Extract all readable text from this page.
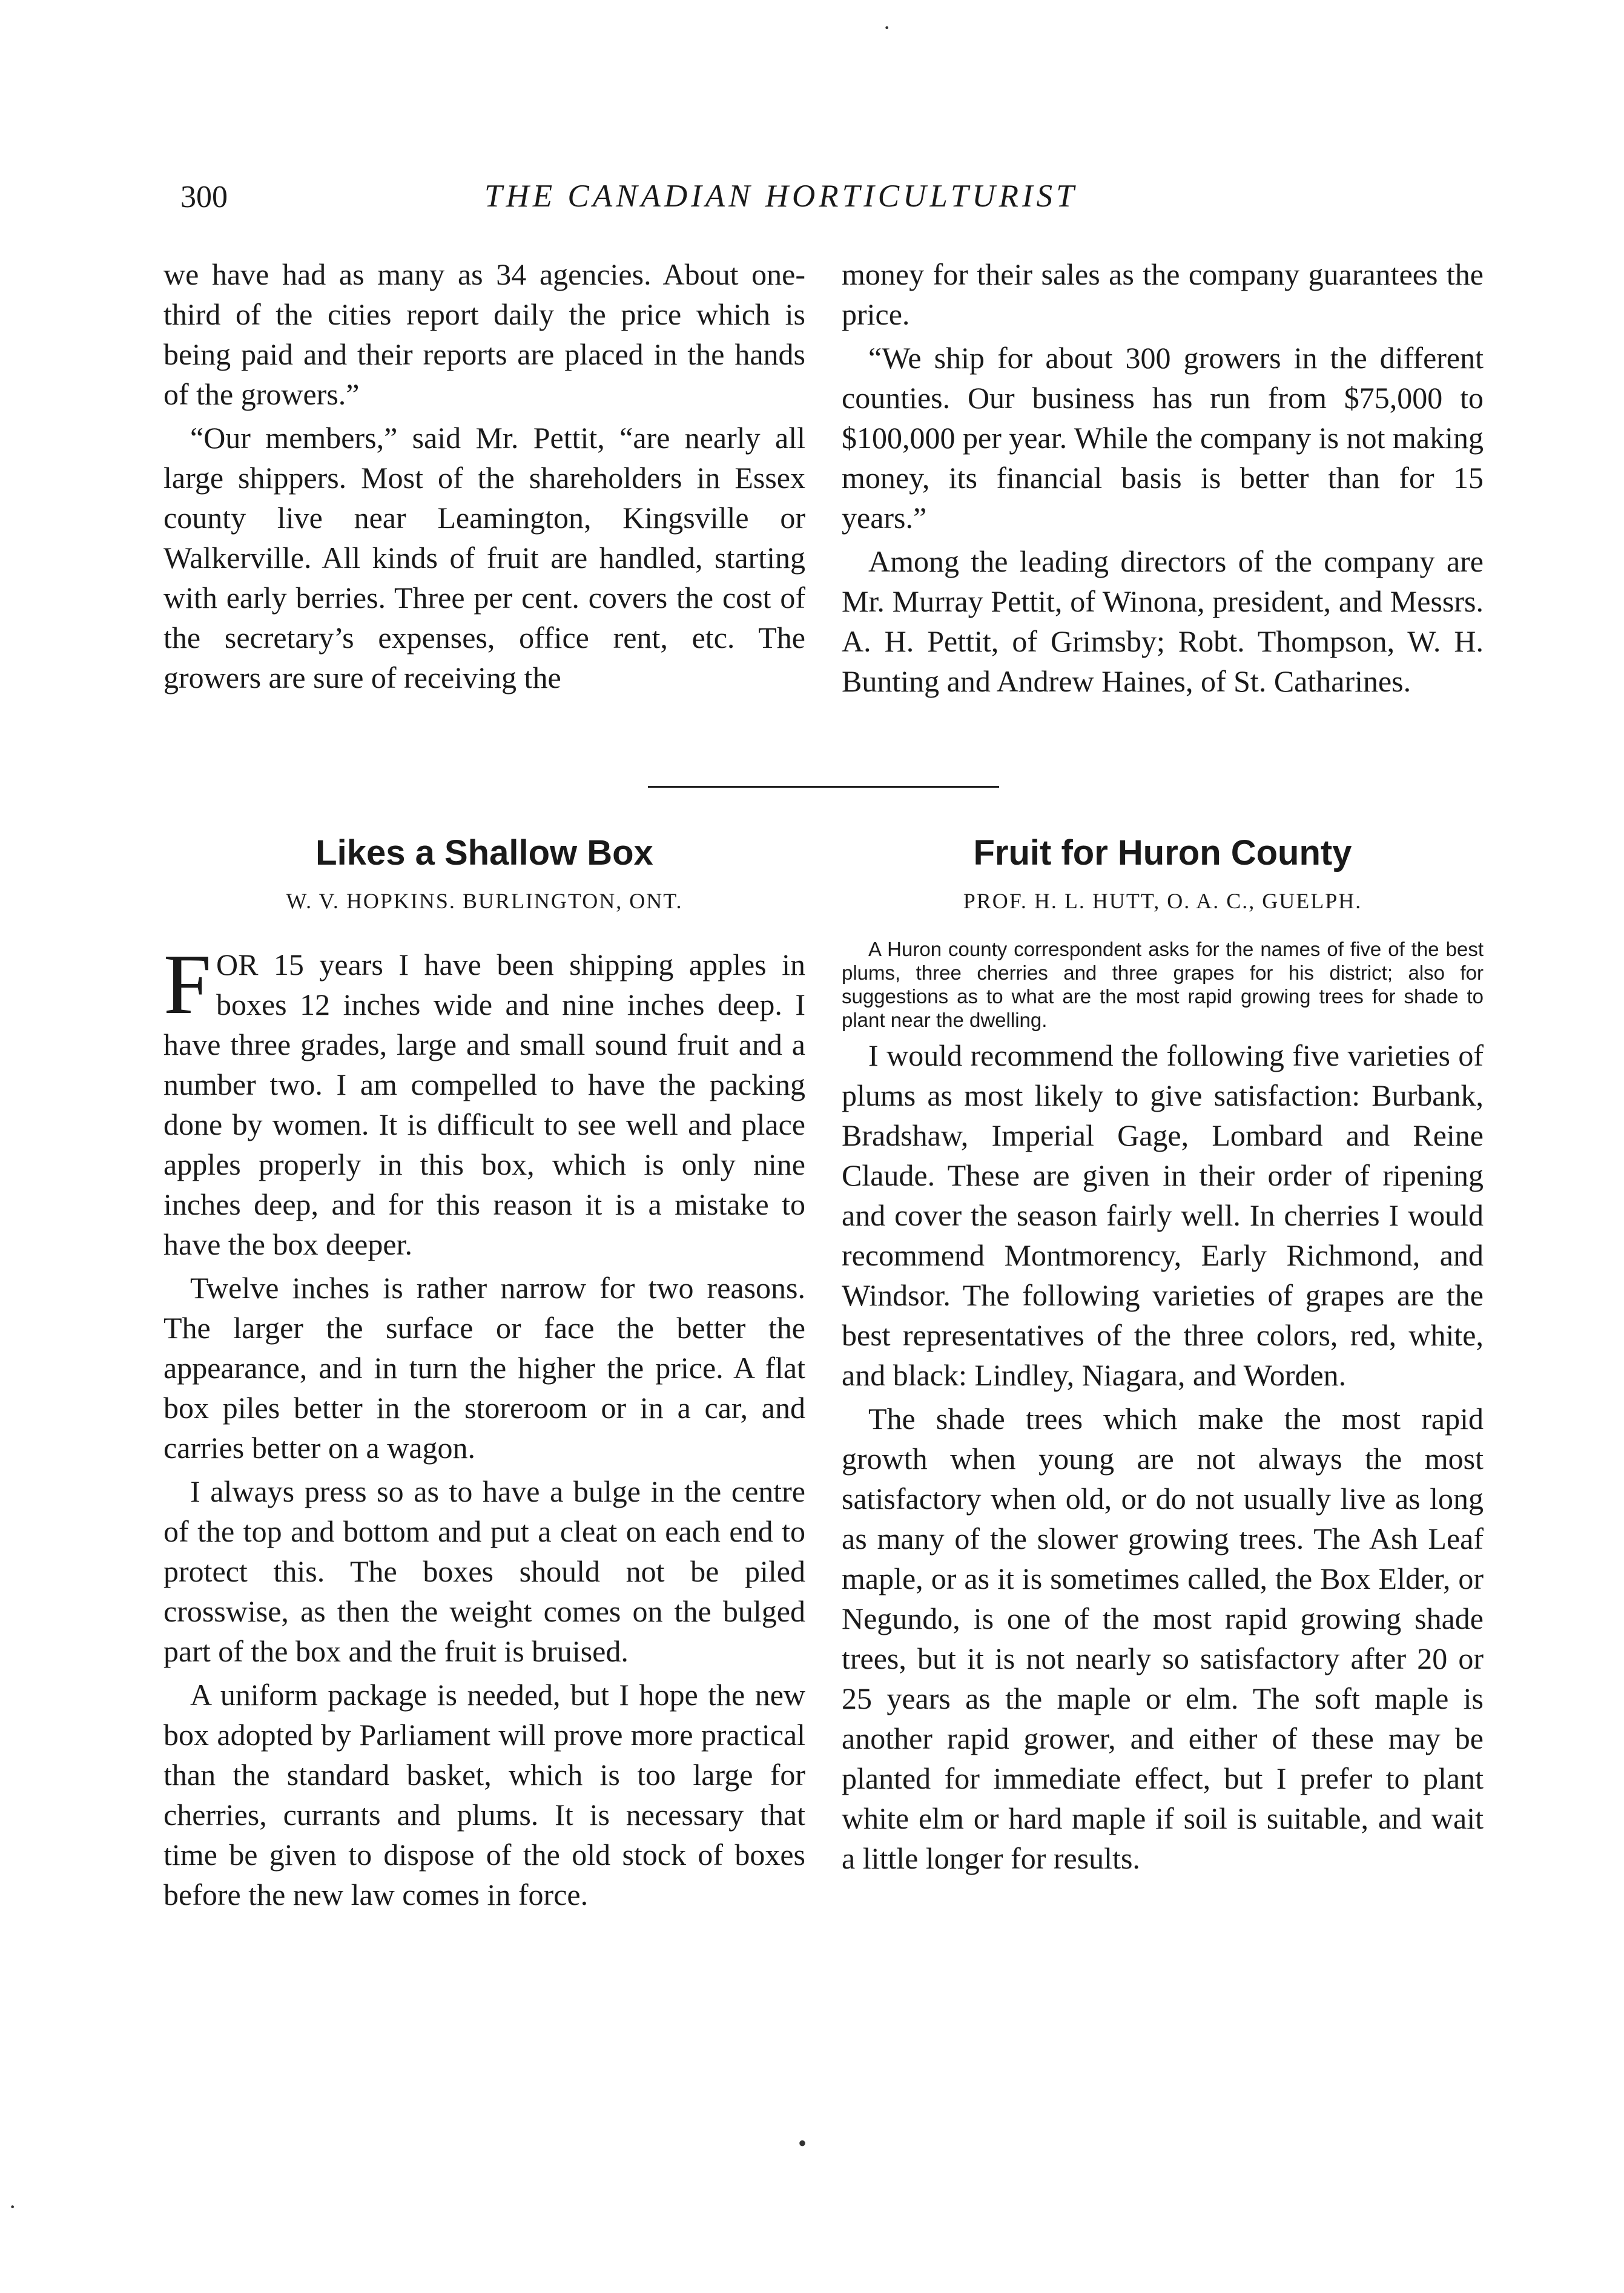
300	THE CANADIAN HORTICULTURIST

we have had as many as 34 agencies. About one-third of the cities report daily the price which is being paid and their reports are placed in the hands of the growers.”

“Our members,” said Mr. Pettit, “are nearly all large shippers. Most of the shareholders in Essex county live near Leamington, Kingsville or Walkerville. All kinds of fruit are handled, starting with early berries. Three per cent. covers the cost of the secretary’s expenses, office rent, etc. The growers are sure of receiving the

money for their sales as the company guarantees the price.

“We ship for about 300 growers in the different counties. Our business has run from $75,000 to $100,000 per year. While the company is not making money, its financial basis is better than for 15 years.”

Among the leading directors of the company are Mr. Murray Pettit, of Winona, president, and Messrs. A. H. Pettit, of Grimsby; Robt. Thompson, W. H. Bunting and Andrew Haines, of St. Catharines.

Likes a Shallow Box
W. V. HOPKINS. BURLINGTON, ONT.

FOR 15 years I have been shipping apples in boxes 12 inches wide and nine inches deep. I have three grades, large and small sound fruit and a number two. I am compelled to have the packing done by women. It is difficult to see well and place apples properly in this box, which is only nine inches deep, and for this reason it is a mistake to have the box deeper.

Twelve inches is rather narrow for two reasons. The larger the surface or face the better the appearance, and in turn the higher the price. A flat box piles better in the storeroom or in a car, and carries better on a wagon.

I always press so as to have a bulge in the centre of the top and bottom and put a cleat on each end to protect this. The boxes should not be piled crosswise, as then the weight comes on the bulged part of the box and the fruit is bruised.

A uniform package is needed, but I hope the new box adopted by Parliament will prove more practical than the standard basket, which is too large for cherries, currants and plums. It is necessary that time be given to dispose of the old stock of boxes before the new law comes in force.

Fruit for Huron County
PROF. H. L. HUTT, O. A. C., GUELPH.

A Huron county correspondent asks for the names of five of the best plums, three cherries and three grapes for his district; also for suggestions as to what are the most rapid growing trees for shade to plant near the dwelling.

I would recommend the following five varieties of plums as most likely to give satisfaction: Burbank, Bradshaw, Imperial Gage, Lombard and Reine Claude. These are given in their order of ripening and cover the season fairly well. In cherries I would recommend Montmorency, Early Richmond, and Windsor. The following varieties of grapes are the best representatives of the three colors, red, white, and black: Lindley, Niagara, and Worden.

The shade trees which make the most rapid growth when young are not always the most satisfactory when old, or do not usually live as long as many of the slower growing trees. The Ash Leaf maple, or as it is sometimes called, the Box Elder, or Negundo, is one of the most rapid growing shade trees, but it is not nearly so satisfactory after 20 or 25 years as the maple or elm. The soft maple is another rapid grower, and either of these may be planted for immediate effect, but I prefer to plant white elm or hard maple if soil is suitable, and wait a little longer for results.

·
•
·
